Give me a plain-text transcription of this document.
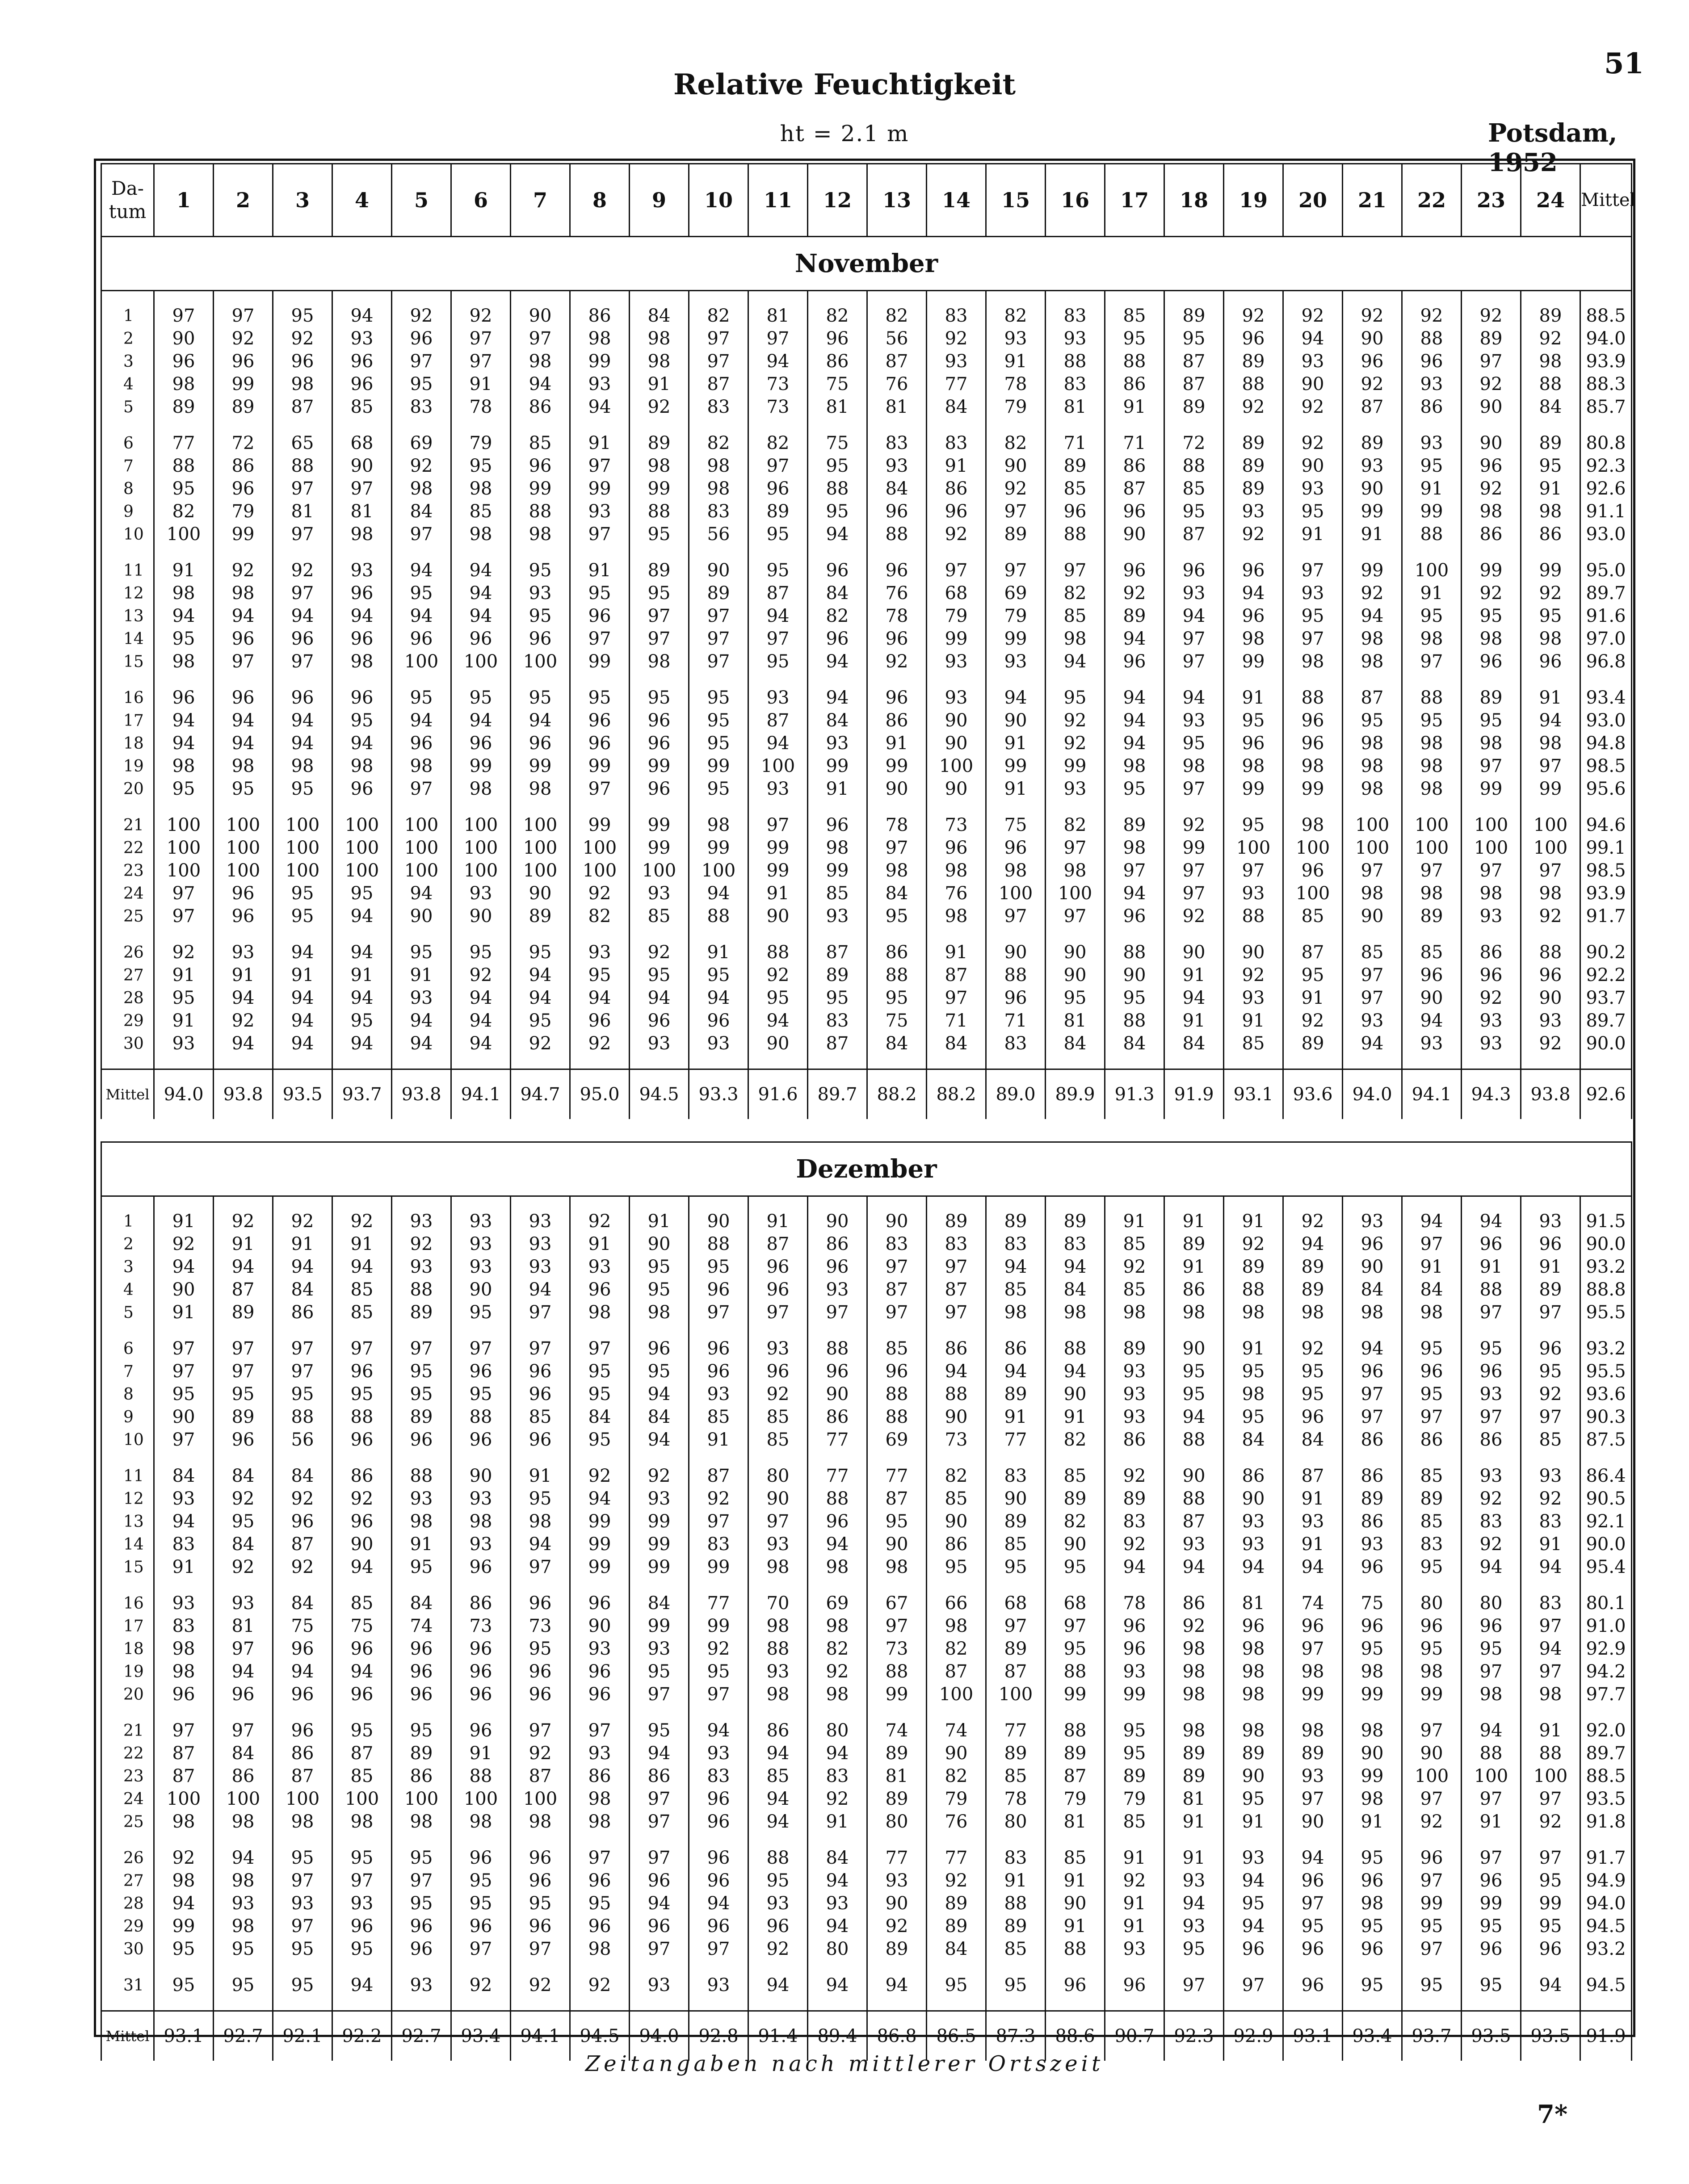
51
Relative Feuchtigkeit
ht = 2.1 m	Potsdam, 1952
Da-
tum	1	2	3	4	5	6	7	8	9	10	11	12	13	14	15	16	17	18	19	20	21	22	23	24	Mittel
November																									

1	97	97	95	94	92	92	90	86	84	82	81	82	82	83	82	83	85	89	92	92	92	92	92	89	88.5
2	90	92	92	93	96	97	97	98	98	97	97	96	56	92	93	93	95	95	96	94	90	88	89	92	94.0
3	96	96	96	96	97	97	98	99	98	97	94	86	87	93	91	88	88	87	89	93	96	96	97	98	93.9
4	98	99	98	96	95	91	94	93	91	87	73	75	76	77	78	83	86	87	88	90	92	93	92	88	88.3
5	89	89	87	85	83	78	86	94	92	83	73	81	81	84	79	81	91	89	92	92	87	86	90	84	85.7

6	77	72	65	68	69	79	85	91	89	82	82	75	83	83	82	71	71	72	89	92	89	93	90	89	80.8
7	88	86	88	90	92	95	96	97	98	98	97	95	93	91	90	89	86	88	89	90	93	95	96	95	92.3
8	95	96	97	97	98	98	99	99	99	98	96	88	84	86	92	85	87	85	89	93	90	91	92	91	92.6
9	82	79	81	81	84	85	88	93	88	83	89	95	96	96	97	96	96	95	93	95	99	99	98	98	91.1
10	100	99	97	98	97	98	98	97	95	56	95	94	88	92	89	88	90	87	92	91	91	88	86	86	93.0

11	91	92	92	93	94	94	95	91	89	90	95	96	96	97	97	97	96	96	96	97	99	100	99	99	95.0
12	98	98	97	96	95	94	93	95	95	89	87	84	76	68	69	82	92	93	94	93	92	91	92	92	89.7
13	94	94	94	94	94	94	95	96	97	97	94	82	78	79	79	85	89	94	96	95	94	95	95	95	91.6
14	95	96	96	96	96	96	96	97	97	97	97	96	96	99	99	98	94	97	98	97	98	98	98	98	97.0
15	98	97	97	98	100	100	100	99	98	97	95	94	92	93	93	94	96	97	99	98	98	97	96	96	96.8

16	96	96	96	96	95	95	95	95	95	95	93	94	96	93	94	95	94	94	91	88	87	88	89	91	93.4
17	94	94	94	95	94	94	94	96	96	95	87	84	86	90	90	92	94	93	95	96	95	95	95	94	93.0
18	94	94	94	94	96	96	96	96	96	95	94	93	91	90	91	92	94	95	96	96	98	98	98	98	94.8
19	98	98	98	98	98	99	99	99	99	99	100	99	99	100	99	99	98	98	98	98	98	98	97	97	98.5
20	95	95	95	96	97	98	98	97	96	95	93	91	90	90	91	93	95	97	99	99	98	98	99	99	95.6

21	100	100	100	100	100	100	100	99	99	98	97	96	78	73	75	82	89	92	95	98	100	100	100	100	94.6
22	100	100	100	100	100	100	100	100	99	99	99	98	97	96	96	97	98	99	100	100	100	100	100	100	99.1
23	100	100	100	100	100	100	100	100	100	100	99	99	98	98	98	98	97	97	97	96	97	97	97	97	98.5
24	97	96	95	95	94	93	90	92	93	94	91	85	84	76	100	100	94	97	93	100	98	98	98	98	93.9
25	97	96	95	94	90	90	89	82	85	88	90	93	95	98	97	97	96	92	88	85	90	89	93	92	91.7

26	92	93	94	94	95	95	95	93	92	91	88	87	86	91	90	90	88	90	90	87	85	85	86	88	90.2
27	91	91	91	91	91	92	94	95	95	95	92	89	88	87	88	90	90	91	92	95	97	96	96	96	92.2
28	95	94	94	94	93	94	94	94	94	94	95	95	95	97	96	95	95	94	93	91	97	90	92	90	93.7
29	91	92	94	95	94	94	95	96	96	96	94	83	75	71	71	81	88	91	91	92	93	94	93	93	89.7
30	93	94	94	94	94	94	92	92	93	93	90	87	84	84	83	84	84	84	85	89	94	93	93	92	90.0

Mittel	94.0	93.8	93.5	93.7	93.8	94.1	94.7	95.0	94.5	93.3	91.6	89.7	88.2	88.2	89.0	89.9	91.3	91.9	93.1	93.6	94.0	94.1	94.3	93.8	92.6

Dezember																									

1	91	92	92	92	93	93	93	92	91	90	91	90	90	89	89	89	91	91	91	92	93	94	94	93	91.5
2	92	91	91	91	92	93	93	91	90	88	87	86	83	83	83	83	85	89	92	94	96	97	96	96	90.0
3	94	94	94	94	93	93	93	93	95	95	96	96	97	97	94	94	92	91	89	89	90	91	91	91	93.2
4	90	87	84	85	88	90	94	96	95	96	96	93	87	87	85	84	85	86	88	89	84	84	88	89	88.8
5	91	89	86	85	89	95	97	98	98	97	97	97	97	97	98	98	98	98	98	98	98	98	97	97	95.5

6	97	97	97	97	97	97	97	97	96	96	93	88	85	86	86	88	89	90	91	92	94	95	95	96	93.2
7	97	97	97	96	95	96	96	95	95	96	96	96	96	94	94	94	93	95	95	95	96	96	96	95	95.5
8	95	95	95	95	95	95	96	95	94	93	92	90	88	88	89	90	93	95	98	95	97	95	93	92	93.6
9	90	89	88	88	89	88	85	84	84	85	85	86	88	90	91	91	93	94	95	96	97	97	97	97	90.3
10	97	96	56	96	96	96	96	95	94	91	85	77	69	73	77	82	86	88	84	84	86	86	86	85	87.5

11	84	84	84	86	88	90	91	92	92	87	80	77	77	82	83	85	92	90	86	87	86	85	93	93	86.4
12	93	92	92	92	93	93	95	94	93	92	90	88	87	85	90	89	89	88	90	91	89	89	92	92	90.5
13	94	95	96	96	98	98	98	99	99	97	97	96	95	90	89	82	83	87	93	93	86	85	83	83	92.1
14	83	84	87	90	91	93	94	99	99	83	93	94	90	86	85	90	92	93	93	91	93	83	92	91	90.0
15	91	92	92	94	95	96	97	99	99	99	98	98	98	95	95	95	94	94	94	94	96	95	94	94	95.4

16	93	93	84	85	84	86	96	96	84	77	70	69	67	66	68	68	78	86	81	74	75	80	80	83	80.1
17	83	81	75	75	74	73	73	90	99	99	98	98	97	98	97	97	96	92	96	96	96	96	96	97	91.0
18	98	97	96	96	96	96	95	93	93	92	88	82	73	82	89	95	96	98	98	97	95	95	95	94	92.9
19	98	94	94	94	96	96	96	96	95	95	93	92	88	87	87	88	93	98	98	98	98	98	97	97	94.2
20	96	96	96	96	96	96	96	96	97	97	98	98	99	100	100	99	99	98	98	99	99	99	98	98	97.7

21	97	97	96	95	95	96	97	97	95	94	86	80	74	74	77	88	95	98	98	98	98	97	94	91	92.0
22	87	84	86	87	89	91	92	93	94	93	94	94	89	90	89	89	95	89	89	89	90	90	88	88	89.7
23	87	86	87	85	86	88	87	86	86	83	85	83	81	82	85	87	89	89	90	93	99	100	100	100	88.5
24	100	100	100	100	100	100	100	98	97	96	94	92	89	79	78	79	79	81	95	97	98	97	97	97	93.5
25	98	98	98	98	98	98	98	98	97	96	94	91	80	76	80	81	85	91	91	90	91	92	91	92	91.8

26	92	94	95	95	95	96	96	97	97	96	88	84	77	77	83	85	91	91	93	94	95	96	97	97	91.7
27	98	98	97	97	97	95	96	96	96	96	95	94	93	92	91	91	92	93	94	96	96	97	96	95	94.9
28	94	93	93	93	95	95	95	95	94	94	93	93	90	89	88	90	91	94	95	97	98	99	99	99	94.0
29	99	98	97	96	96	96	96	96	96	96	96	94	92	89	89	91	91	93	94	95	95	95	95	95	94.5
30	95	95	95	95	96	97	97	98	97	97	92	80	89	84	85	88	93	95	96	96	96	97	96	96	93.2

31	95	95	95	94	93	92	92	92	93	93	94	94	94	95	95	96	96	97	97	96	95	95	95	94	94.5

Mittel	93.1	92.7	92.1	92.2	92.7	93.4	94.1	94.5	94.0	92.8	91.4	89.4	86.8	86.5	87.3	88.6	90.7	92.3	92.9	93.1	93.4	93.7	93.5	93.5	91.9
Zeitangaben nach mittlerer Ortszeit
7*
